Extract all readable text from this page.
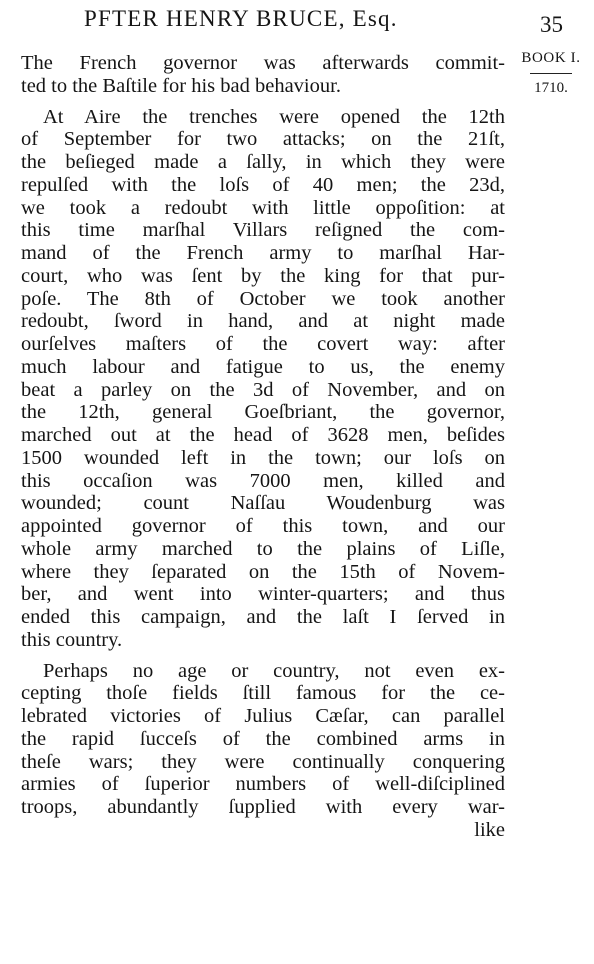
PFTER HENRY BRUCE, Esq.	35
BOOK I.
1710.
The French governor was afterwards commit-
ted to the Baſtile for his bad behaviour.
At Aire the trenches were opened the 12th
of September for two attacks; on the 21ſt,
the beſieged made a ſally, in which they were
repulſed with the loſs of 40 men; the 23d,
we took a redoubt with little oppoſition: at
this time marſhal Villars reſigned the com-
mand of the French army to marſhal Har-
court, who was ſent by the king for that pur-
poſe. The 8th of October we took another
redoubt, ſword in hand, and at night made
ourſelves maſters of the covert way: after
much labour and fatigue to us, the enemy
beat a parley on the 3d of November, and on
the 12th, general Goeſbriant, the governor,
marched out at the head of 3628 men, beſides
1500 wounded left in the town; our loſs on
this occaſion was 7000 men, killed and
wounded; count Naſſau Woudenburg was
appointed governor of this town, and our
whole army marched to the plains of Liſle,
where they ſeparated on the 15th of Novem-
ber, and went into winter-quarters; and thus
ended this campaign, and the laſt I ſerved in
this country.
Perhaps no age or country, not even ex-
cepting thoſe fields ſtill famous for the ce-
lebrated victories of Julius Cæſar, can parallel
the rapid ſucceſs of the combined arms in
theſe wars; they were continually conquering
armies of ſuperior numbers of well-diſciplined
troops, abundantly ſupplied with every war-
like
